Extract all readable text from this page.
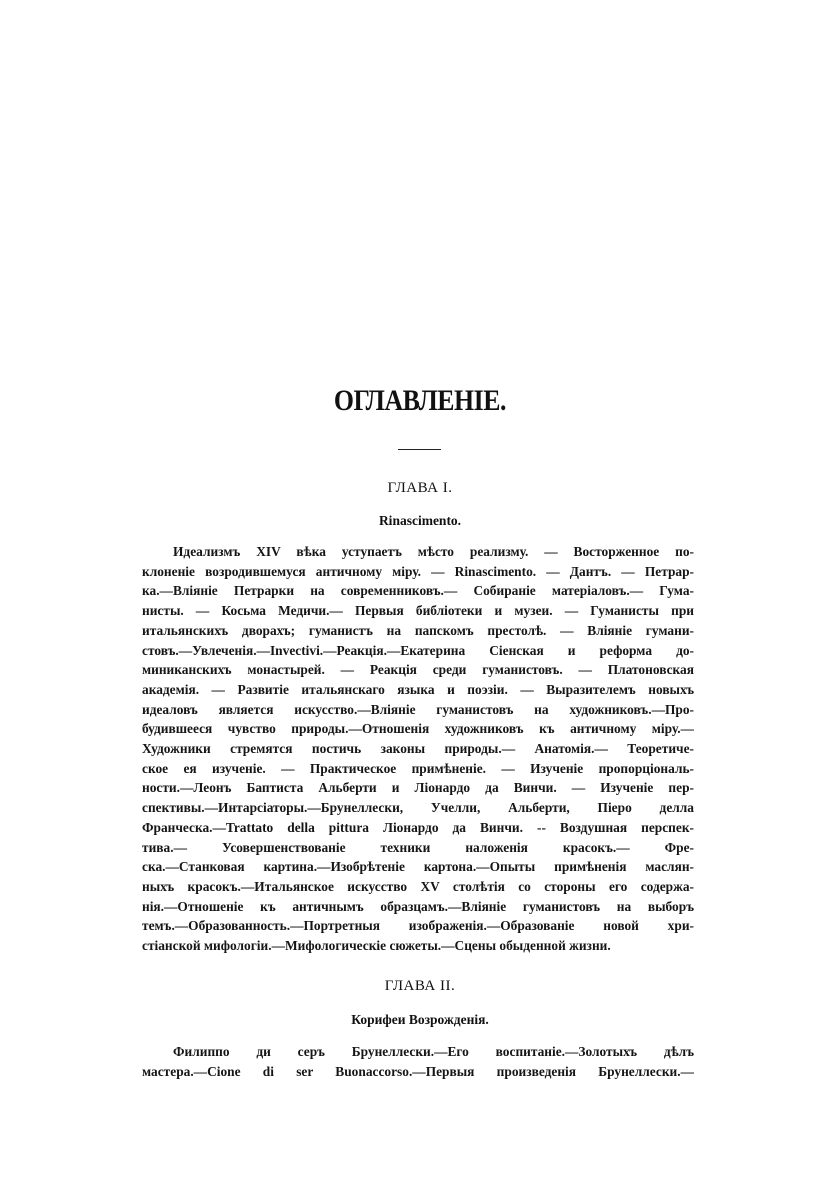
ОГЛАВЛЕНІЕ.
ГЛАВА I.
Rinascimento.
Идеализмъ XIV вѣка уступаетъ мѣсто реализму. — Восторженное по-
клоненіе возродившемуся античному міру. — Rinascimento. — Дантъ. — Петрар-
ка.—Вліяніе Петрарки на современниковъ.— Собираніе матеріаловъ.— Гума-
нисты. — Косьма Медичи.— Первыя библіотеки и музеи. — Гуманисты при
итальянскихъ дворахъ; гуманистъ на папскомъ престолѣ. — Вліяніе гумани-
стовъ.—Увлеченія.—Invectivi.—Реакція.—Екатерина Сіенская и реформа до-
миниканскихъ монастырей. — Реакція среди гуманистовъ. — Платоновская
академія. — Развитіе итальянскаго языка и поэзіи. — Выразителемъ новыхъ
идеаловъ является искусство.—Вліяніе гуманистовъ на художниковъ.—Про-
будившееся чувство природы.—Отношенія художниковъ къ античному міру.—
Художники стремятся постичь законы природы.— Анатомія.— Теоретиче-
ское ея изученіе. — Практическое примѣненіе. — Изученіе пропорціональ-
ности.—Леонъ Баптиста Альберти и Ліонардо да Винчи. — Изученіе пер-
спективы.—Интарсіаторы.—Брунеллески, Учелли, Альберти, Піеро делла
Франческа.—Trattato della pittura Ліонардо да Винчи. -- Воздушная перспек-
тива.— Усовершенствованіе техники наложенія красокъ.— Фре-
ска.—Станковая картина.—Изобрѣтеніе картона.—Опыты примѣненія маслян-
ныхъ красокъ.—Итальянское искусство XV столѣтія со стороны его содержа-
нія.—Отношеніе къ античнымъ образцамъ.—Вліяніе гуманистовъ на выборъ
темъ.—Образованность.—Портретныя изображенія.—Образованіе новой хри-
стіанской мифологіи.—Мифологическіе сюжеты.—Сцены обыденной жизни.
ГЛАВА II.
Корифеи Возрожденія.
Филиппо ди серъ Брунеллески.—Его воспитаніе.—Золотыхъ дѣлъ
мастера.—Cione di ser Buonaccorso.—Первыя произведенія Брунеллески.—
